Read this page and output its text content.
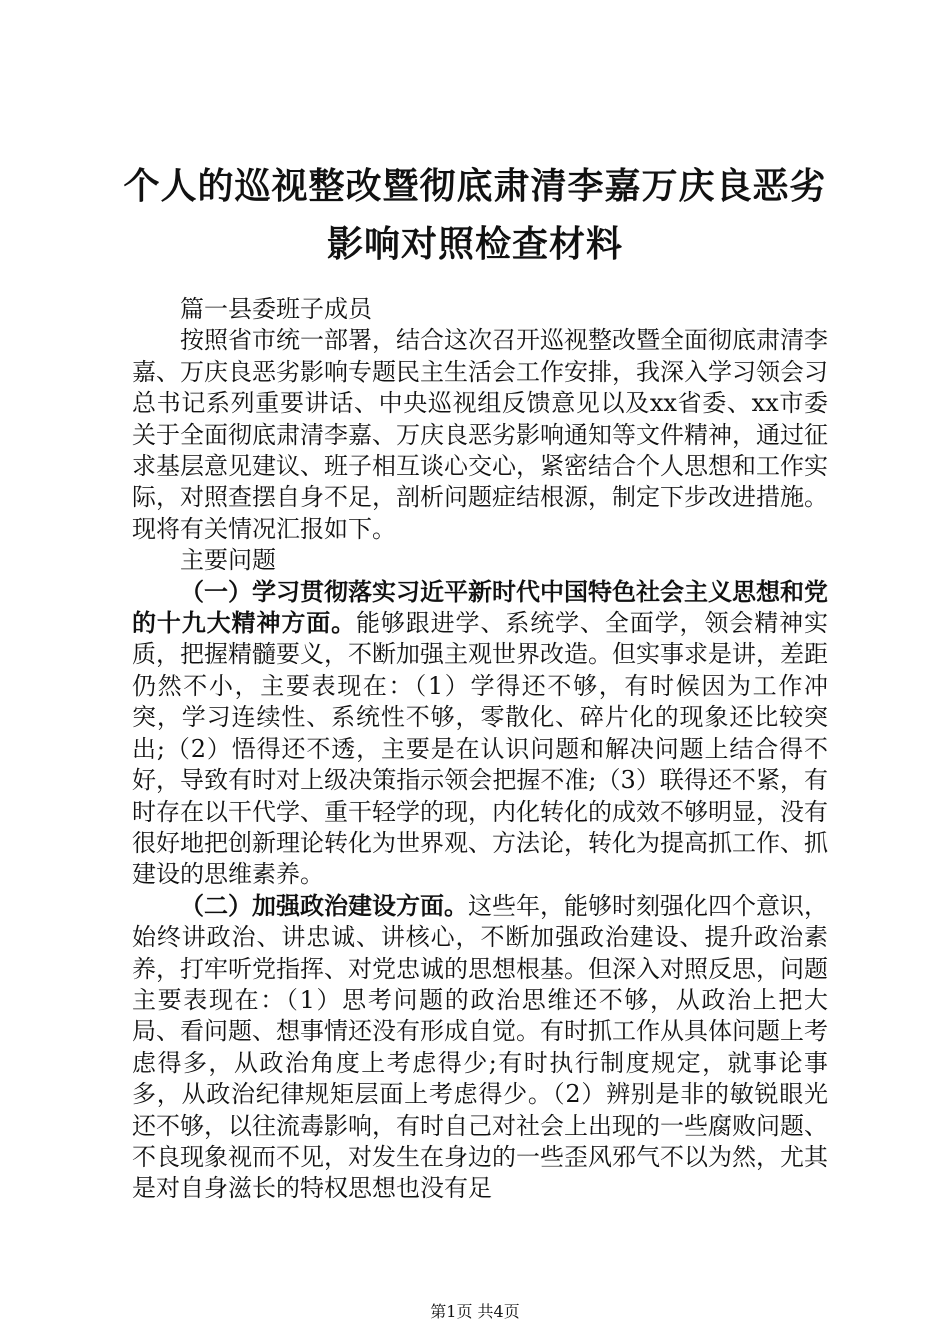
个人的巡视整改暨彻底肃清李嘉万庆良恶劣影响对照检查材料

篇一县委班子成员

按照省市统一部署，结合这次召开巡视整改暨全面彻底肃清李嘉、万庆良恶劣影响专题民主生活会工作安排，我深入学习领会习总书记系列重要讲话、中央巡视组反馈意见以及xx省委、xx市委关于全面彻底肃清李嘉、万庆良恶劣影响通知等文件精神，通过征求基层意见建议、班子相互谈心交心，紧密结合个人思想和工作实际，对照查摆自身不足，剖析问题症结根源，制定下步改进措施。现将有关情况汇报如下。

主要问题

（一）学习贯彻落实习近平新时代中国特色社会主义思想和党的十九大精神方面。能够跟进学、系统学、全面学，领会精神实质，把握精髓要义，不断加强主观世界改造。但实事求是讲，差距仍然不小，主要表现在：（1）学得还不够，有时候因为工作冲突，学习连续性、系统性不够，零散化、碎片化的现象还比较突出;（2）悟得还不透，主要是在认识问题和解决问题上结合得不好，导致有时对上级决策指示领会把握不准;（3）联得还不紧，有时存在以干代学、重干轻学的现，内化转化的成效不够明显，没有很好地把创新理论转化为世界观、方法论，转化为提高抓工作、抓建设的思维素养。

（二）加强政治建设方面。这些年，能够时刻强化四个意识，始终讲政治、讲忠诚、讲核心，不断加强政治建设、提升政治素养，打牢听党指挥、对党忠诚的思想根基。但深入对照反思，问题主要表现在：（1）思考问题的政治思维还不够，从政治上把大局、看问题、想事情还没有形成自觉。有时抓工作从具体问题上考虑得多，从政治角度上考虑得少;有时执行制度规定，就事论事多，从政治纪律规矩层面上考虑得少。（2）辨别是非的敏锐眼光还不够，以往流毒影响，有时自己对社会上出现的一些腐败问题、不良现象视而不见，对发生在身边的一些歪风邪气不以为然，尤其是对自身滋长的特权思想也没有足

第1页 共4页
